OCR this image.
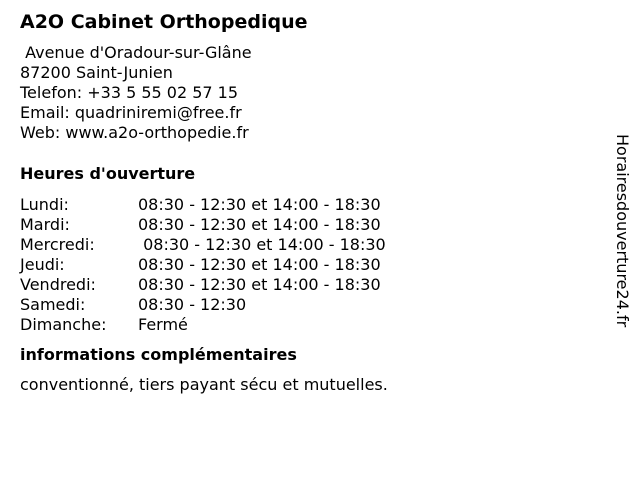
A2O Cabinet Orthopedique
Avenue d'Oradour-sur-Glâne
87200 Saint-Junien
Telefon: +33 5 55 02 57 15
Email: quadriniremi@free.fr
Web: www.a2o-orthopedie.fr
Heures d'ouverture
Lundi:	08:30 - 12:30 et 14:00 - 18:30
Mardi:	08:30 - 12:30 et 14:00 - 18:30
Mercredi:	08:30 - 12:30 et 14:00 - 18:30
Jeudi:	08:30 - 12:30 et 14:00 - 18:30
Vendredi:	08:30 - 12:30 et 14:00 - 18:30
Samedi:	08:30 - 12:30
Dimanche:	Fermé
informations complémentaires
conventionné, tiers payant sécu et mutuelles.
Horairesdouverture24.fr
